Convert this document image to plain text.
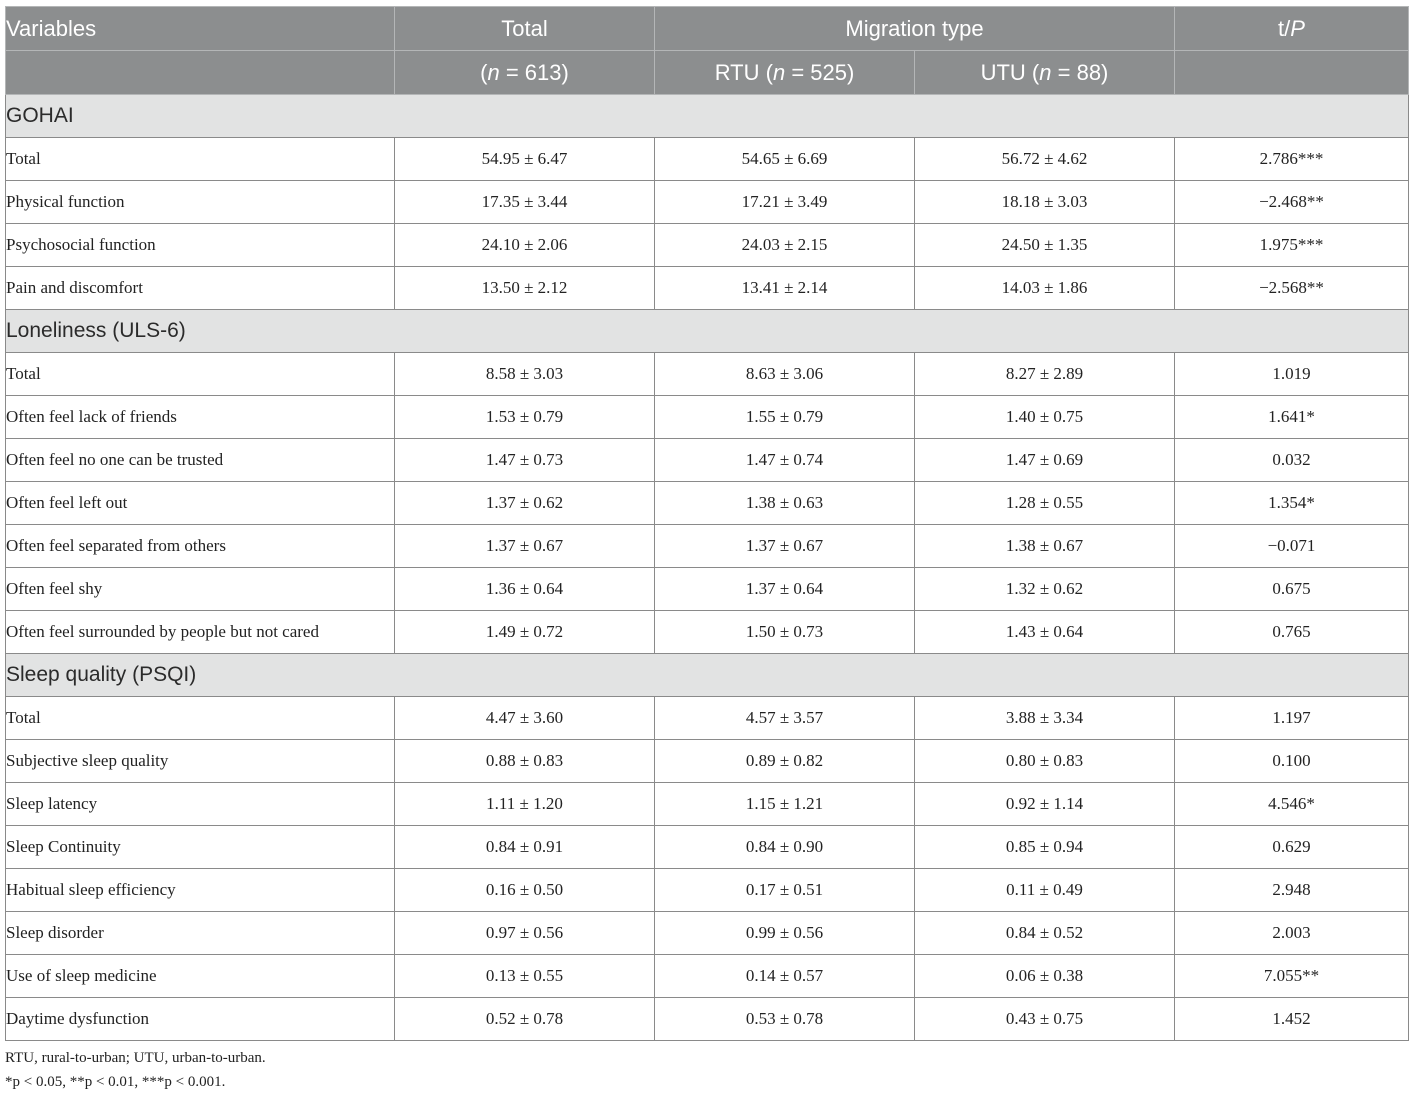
Variables	Total	Migration type		t/P
	(n = 613)	RTU (n = 525)	UTU (n = 88)	
GOHAI				
Total	54.95 ± 6.47	54.65 ± 6.69	56.72 ± 4.62	2.786***
Physical function	17.35 ± 3.44	17.21 ± 3.49	18.18 ± 3.03	−2.468**
Psychosocial function	24.10 ± 2.06	24.03 ± 2.15	24.50 ± 1.35	1.975***
Pain and discomfort	13.50 ± 2.12	13.41 ± 2.14	14.03 ± 1.86	−2.568**
Loneliness (ULS-6)				
Total	8.58 ± 3.03	8.63 ± 3.06	8.27 ± 2.89	1.019
Often feel lack of friends	1.53 ± 0.79	1.55 ± 0.79	1.40 ± 0.75	1.641*
Often feel no one can be trusted	1.47 ± 0.73	1.47 ± 0.74	1.47 ± 0.69	0.032
Often feel left out	1.37 ± 0.62	1.38 ± 0.63	1.28 ± 0.55	1.354*
Often feel separated from others	1.37 ± 0.67	1.37 ± 0.67	1.38 ± 0.67	−0.071
Often feel shy	1.36 ± 0.64	1.37 ± 0.64	1.32 ± 0.62	0.675
Often feel surrounded by people but not cared	1.49 ± 0.72	1.50 ± 0.73	1.43 ± 0.64	0.765
Sleep quality (PSQI)				
Total	4.47 ± 3.60	4.57 ± 3.57	3.88 ± 3.34	1.197
Subjective sleep quality	0.88 ± 0.83	0.89 ± 0.82	0.80 ± 0.83	0.100
Sleep latency	1.11 ± 1.20	1.15 ± 1.21	0.92 ± 1.14	4.546*
Sleep Continuity	0.84 ± 0.91	0.84 ± 0.90	0.85 ± 0.94	0.629
Habitual sleep efficiency	0.16 ± 0.50	0.17 ± 0.51	0.11 ± 0.49	2.948
Sleep disorder	0.97 ± 0.56	0.99 ± 0.56	0.84 ± 0.52	2.003
Use of sleep medicine	0.13 ± 0.55	0.14 ± 0.57	0.06 ± 0.38	7.055**
Daytime dysfunction	0.52 ± 0.78	0.53 ± 0.78	0.43 ± 0.75	1.452
RTU, rural-to-urban; UTU, urban-to-urban.
*p < 0.05, **p < 0.01, ***p < 0.001.
